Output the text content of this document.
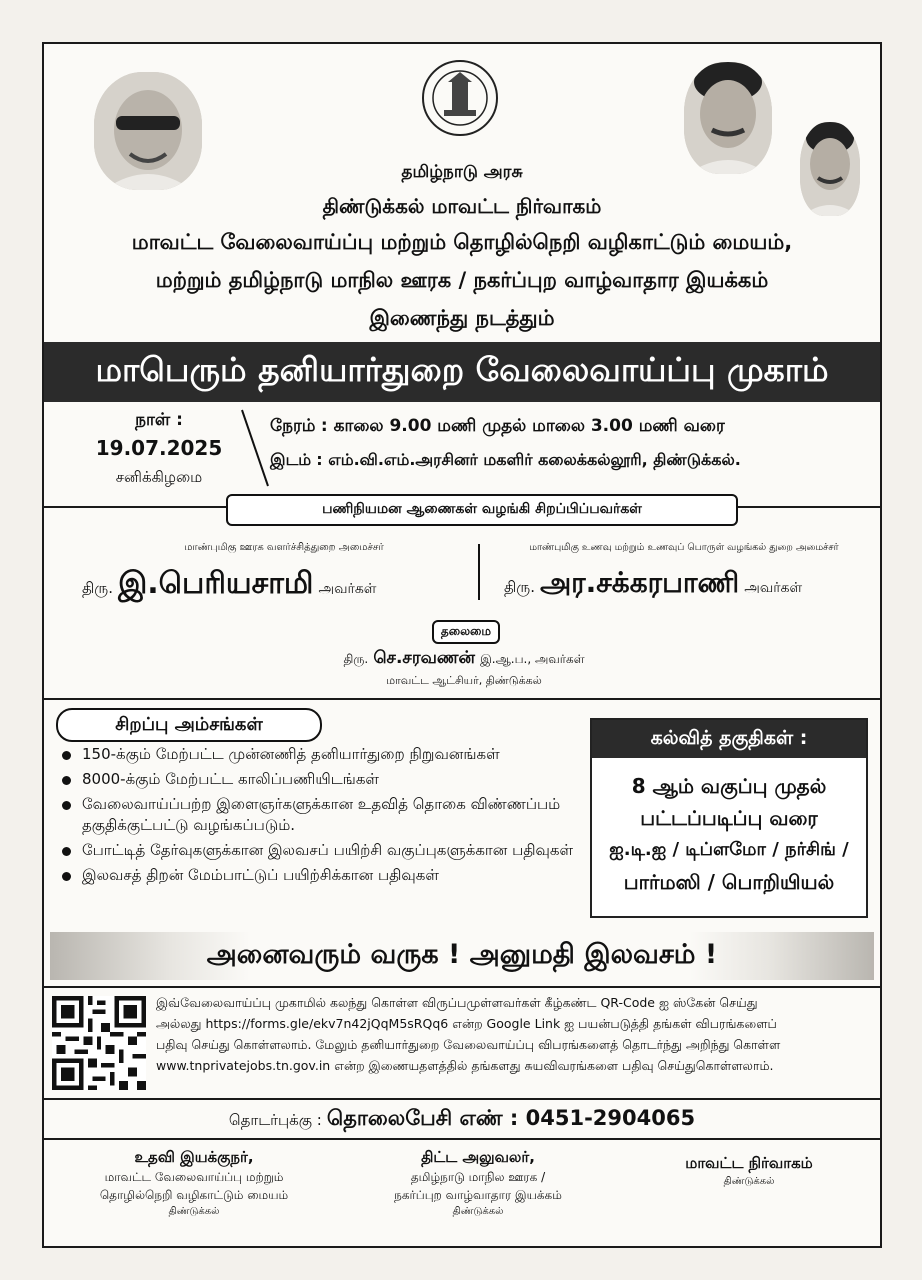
தமிழ்நாடு அரசு
திண்டுக்கல் மாவட்ட நிர்வாகம்
மாவட்ட வேலைவாய்ப்பு மற்றும் தொழில்நெறி வழிகாட்டும் மையம்,
மற்றும் தமிழ்நாடு மாநில ஊரக / நகர்ப்புற வாழ்வாதார இயக்கம்
இணைந்து நடத்தும்
மாபெரும் தனியார்துறை வேலைவாய்ப்பு முகாம்
நாள் :
19.07.2025
சனிக்கிழமை
நேரம் : காலை 9.00 மணி முதல் மாலை 3.00 மணி வரை
இடம் : எம்.வி.எம்.அரசினர் மகளிர் கலைக்கல்லூரி, திண்டுக்கல்.
பணிநியமன ஆணைகள் வழங்கி சிறப்பிப்பவர்கள்
மாண்புமிகு ஊரக வளர்ச்சித்துறை அமைச்சர்
திரு. இ.பெரியசாமி அவர்கள்
மாண்புமிகு உணவு மற்றும் உணவுப் பொருள் வழங்கல் துறை அமைச்சர்
திரு. அர.சக்கரபாணி அவர்கள்
தலைமை
திரு. செ.சரவணன் இ.ஆ.ப., அவர்கள்
மாவட்ட ஆட்சியர், திண்டுக்கல்
சிறப்பு அம்சங்கள்
150-க்கும் மேற்பட்ட முன்னணித் தனியார்துறை நிறுவனங்கள்
8000-க்கும் மேற்பட்ட காலிப்பணியிடங்கள்
வேலைவாய்ப்பற்ற இளைஞர்களுக்கான உதவித் தொகை விண்ணப்பம் தகுதிக்குட்பட்டு வழங்கப்படும்.
போட்டித் தேர்வுகளுக்கான இலவசப் பயிற்சி வகுப்புகளுக்கான பதிவுகள்
இலவசத் திறன் மேம்பாட்டுப் பயிற்சிக்கான பதிவுகள்
கல்வித் தகுதிகள் :
8 ஆம் வகுப்பு முதல்
பட்டப்படிப்பு வரை
ஐ.டி.ஐ / டிப்ளமோ / நர்சிங் /
பார்மஸி / பொறியியல்
அனைவரும் வருக ! அனுமதி இலவசம் !
இவ்வேலைவாய்ப்பு முகாமில் கலந்து கொள்ள விருப்பமுள்ளவர்கள் கீழ்கண்ட QR-Code ஐ ஸ்கேன் செய்து
அல்லது https://forms.gle/ekv7n42jQqM5sRQq6 என்ற Google Link ஐ பயன்படுத்தி தங்கள் விபரங்களைப்
பதிவு செய்து கொள்ளலாம். மேலும் தனியார்துறை வேலைவாய்ப்பு விபரங்களைத் தொடர்ந்து அறிந்து கொள்ள
www.tnprivatejobs.tn.gov.in என்ற இணையதளத்தில் தங்களது சுயவிவரங்களை பதிவு செய்துகொள்ளலாம்.
தொடர்புக்கு : தொலைபேசி எண் : 0451-2904065
உதவி இயக்குநர்,
மாவட்ட வேலைவாய்ப்பு மற்றும்
தொழில்நெறி வழிகாட்டும் மையம்
திண்டுக்கல்
திட்ட அலுவலர்,
தமிழ்நாடு மாநில ஊரக /
நகர்ப்புற வாழ்வாதார இயக்கம்
திண்டுக்கல்
மாவட்ட நிர்வாகம்
திண்டுக்கல்
